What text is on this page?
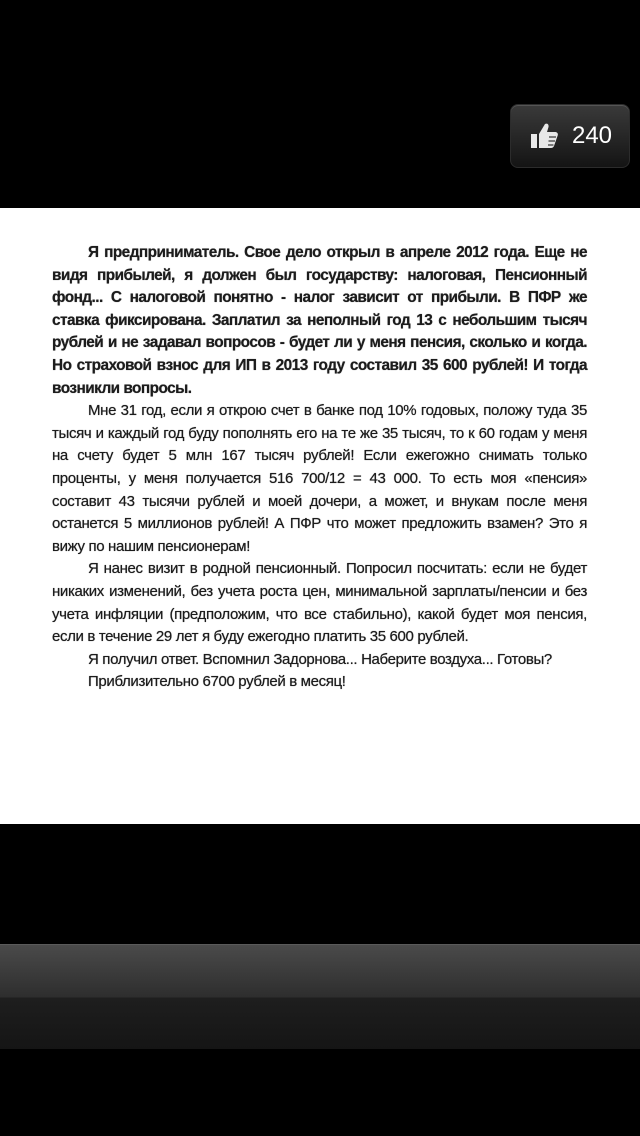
240

Я предприниматель. Свое дело открыл в апреле 2012 года. Еще не видя прибылей, я должен был государству: налоговая, Пенсионный фонд... С налоговой понятно - налог зависит от прибыли. В ПФР же ставка фиксирована. Заплатил за неполный год 13 с небольшим тысяч рублей и не задавал вопросов - будет ли у меня пенсия, сколько и когда. Но страховой взнос для ИП в 2013 году составил 35 600 рублей! И тогда возникли вопросы.

Мне 31 год, если я открою счет в банке под 10% годовых, положу туда 35 тысяч и каждый год буду пополнять его на те же 35 тысяч, то к 60 годам у меня на счету будет 5 млн 167 тысяч рублей! Если ежегожно снимать только проценты, у меня получается 516 700/12 = 43 000. То есть моя «пенсия» составит 43 тысячи рублей и моей дочери, а может, и внукам после меня останется 5 миллионов рублей! А ПФР что может предложить взамен? Это я вижу по нашим пенсионерам!

Я нанес визит в родной пенсионный. Попросил посчитать: если не будет никаких изменений, без учета роста цен, минимальной зарплаты/пенсии и без учета инфляции (предположим, что все стабильно), какой будет моя пенсия, если в течение 29 лет я буду ежегодно платить 35 600 рублей.

Я получил ответ. Вспомнил Задорнова... Наберите воздуха... Готовы?

Приблизительно 6700 рублей в месяц!
